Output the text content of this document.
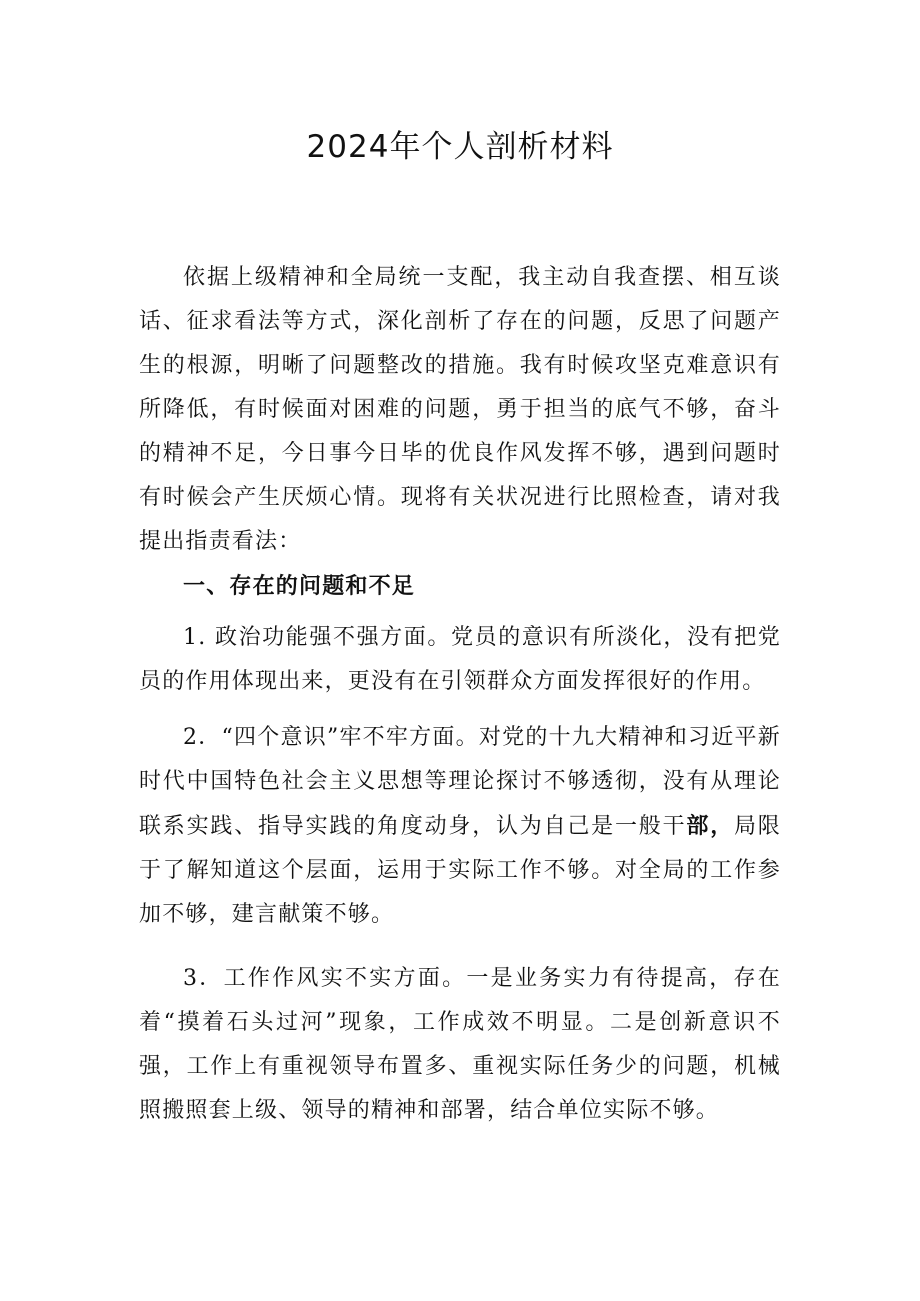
2024年个人剖析材料

依据上级精神和全局统一支配，我主动自我查摆、相互谈话、征求看法等方式，深化剖析了存在的问题，反思了问题产生的根源，明晰了问题整改的措施。我有时候攻坚克难意识有所降低，有时候面对困难的问题，勇于担当的底气不够，奋斗的精神不足，今日事今日毕的优良作风发挥不够，遇到问题时有时候会产生厌烦心情。现将有关状况进行比照检查，请对我提出指责看法：

一、存在的问题和不足

1. 政治功能强不强方面。党员的意识有所淡化，没有把党员的作用体现出来，更没有在引领群众方面发挥很好的作用。

2．“四个意识”牢不牢方面。对党的十九大精神和习近平新时代中国特色社会主义思想等理论探讨不够透彻，没有从理论联系实践、指导实践的角度动身，认为自己是一般干部，局限于了解知道这个层面，运用于实际工作不够。对全局的工作参加不够，建言献策不够。

3．工作作风实不实方面。一是业务实力有待提高，存在着“摸着石头过河”现象，工作成效不明显。二是创新意识不强，工作上有重视领导布置多、重视实际任务少的问题，机械照搬照套上级、领导的精神和部署，结合单位实际不够。
